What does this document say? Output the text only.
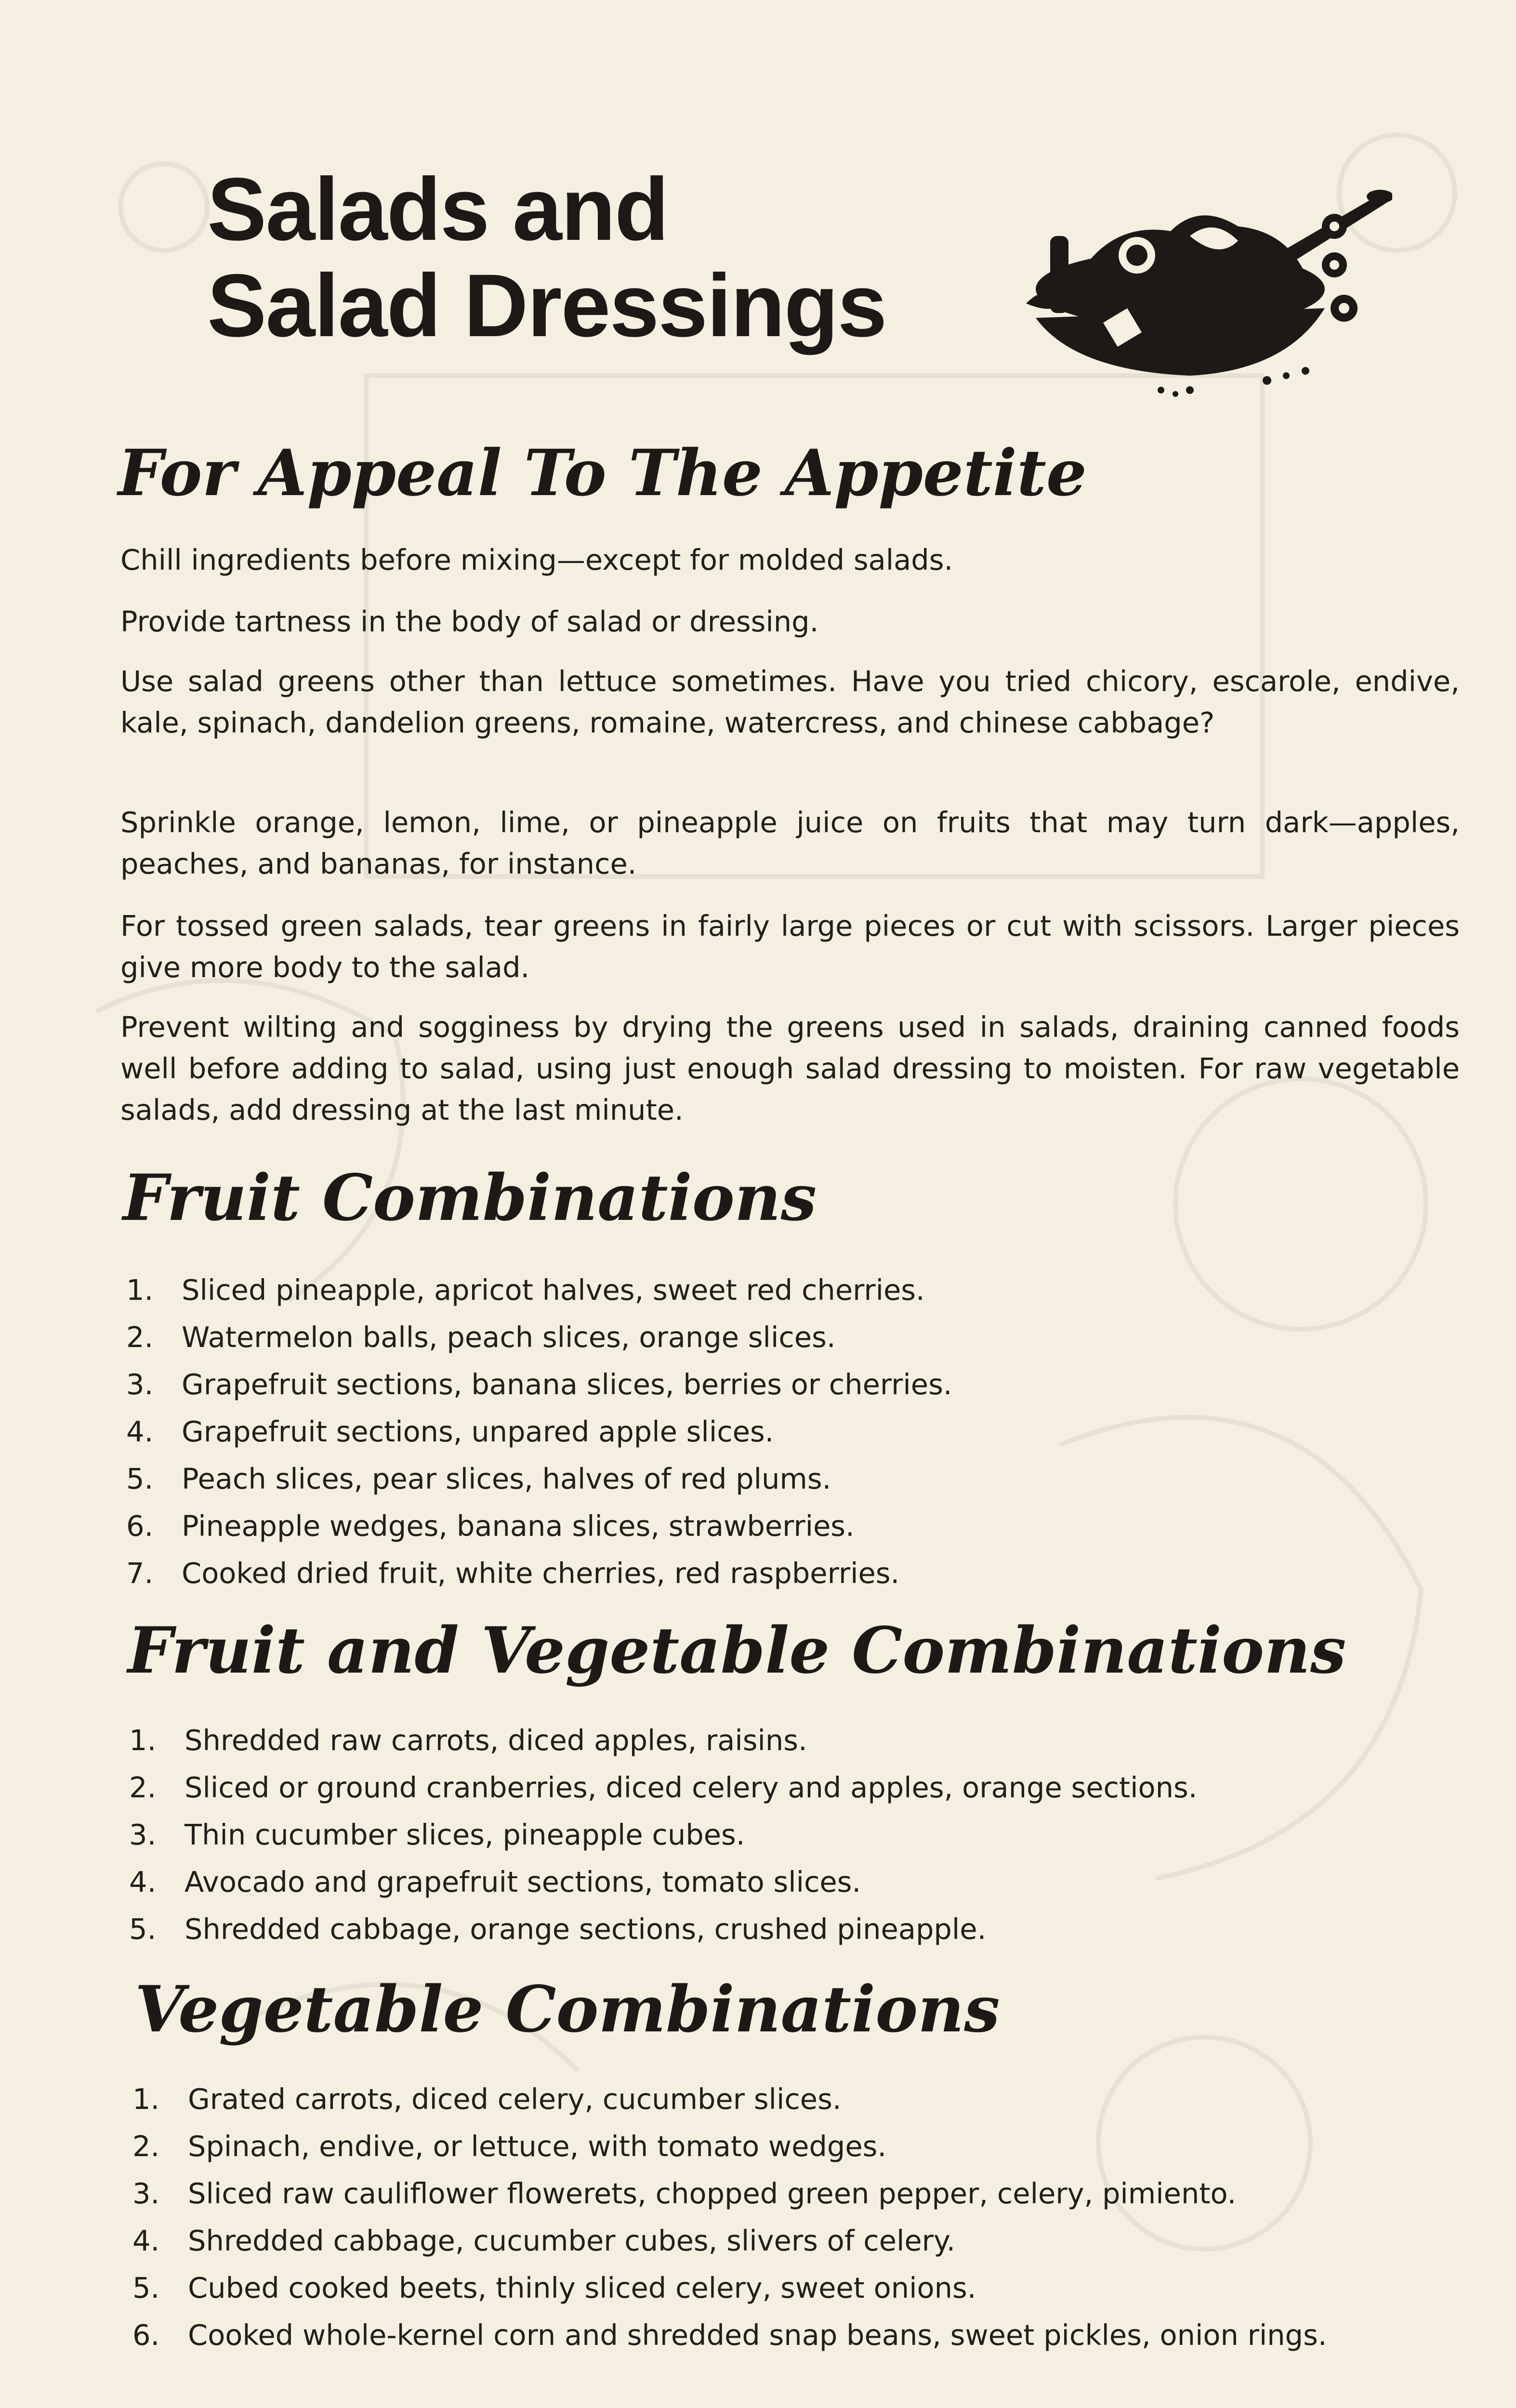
Salads and
Salad Dressings
For Appeal To The Appetite
Chill ingredients before mixing—except for molded salads.
Provide tartness in the body of salad or dressing.
Use salad greens other than lettuce sometimes. Have you tried chicory, escarole, endive, kale, spinach, dandelion greens, romaine, watercress, and chinese cabbage?
Sprinkle orange, lemon, lime, or pineapple juice on fruits that may turn dark—apples, peaches, and bananas, for instance.
For tossed green salads, tear greens in fairly large pieces or cut with scissors. Larger pieces give more body to the salad.
Prevent wilting and sogginess by drying the greens used in salads, draining canned foods well before adding to salad, using just enough salad dressing to moisten. For raw vegetable salads, add dressing at the last minute.
Fruit Combinations
1. Sliced pineapple, apricot halves, sweet red cherries.
2. Watermelon balls, peach slices, orange slices.
3. Grapefruit sections, banana slices, berries or cherries.
4. Grapefruit sections, unpared apple slices.
5. Peach slices, pear slices, halves of red plums.
6. Pineapple wedges, banana slices, strawberries.
7. Cooked dried fruit, white cherries, red raspberries.
Fruit and Vegetable Combinations
1. Shredded raw carrots, diced apples, raisins.
2. Sliced or ground cranberries, diced celery and apples, orange sections.
3. Thin cucumber slices, pineapple cubes.
4. Avocado and grapefruit sections, tomato slices.
5. Shredded cabbage, orange sections, crushed pineapple.
Vegetable Combinations
1. Grated carrots, diced celery, cucumber slices.
2. Spinach, endive, or lettuce, with tomato wedges.
3. Sliced raw cauliflower flowerets, chopped green pepper, celery, pimiento.
4. Shredded cabbage, cucumber cubes, slivers of celery.
5. Cubed cooked beets, thinly sliced celery, sweet onions.
6. Cooked whole-kernel corn and shredded snap beans, sweet pickles, onion rings.
